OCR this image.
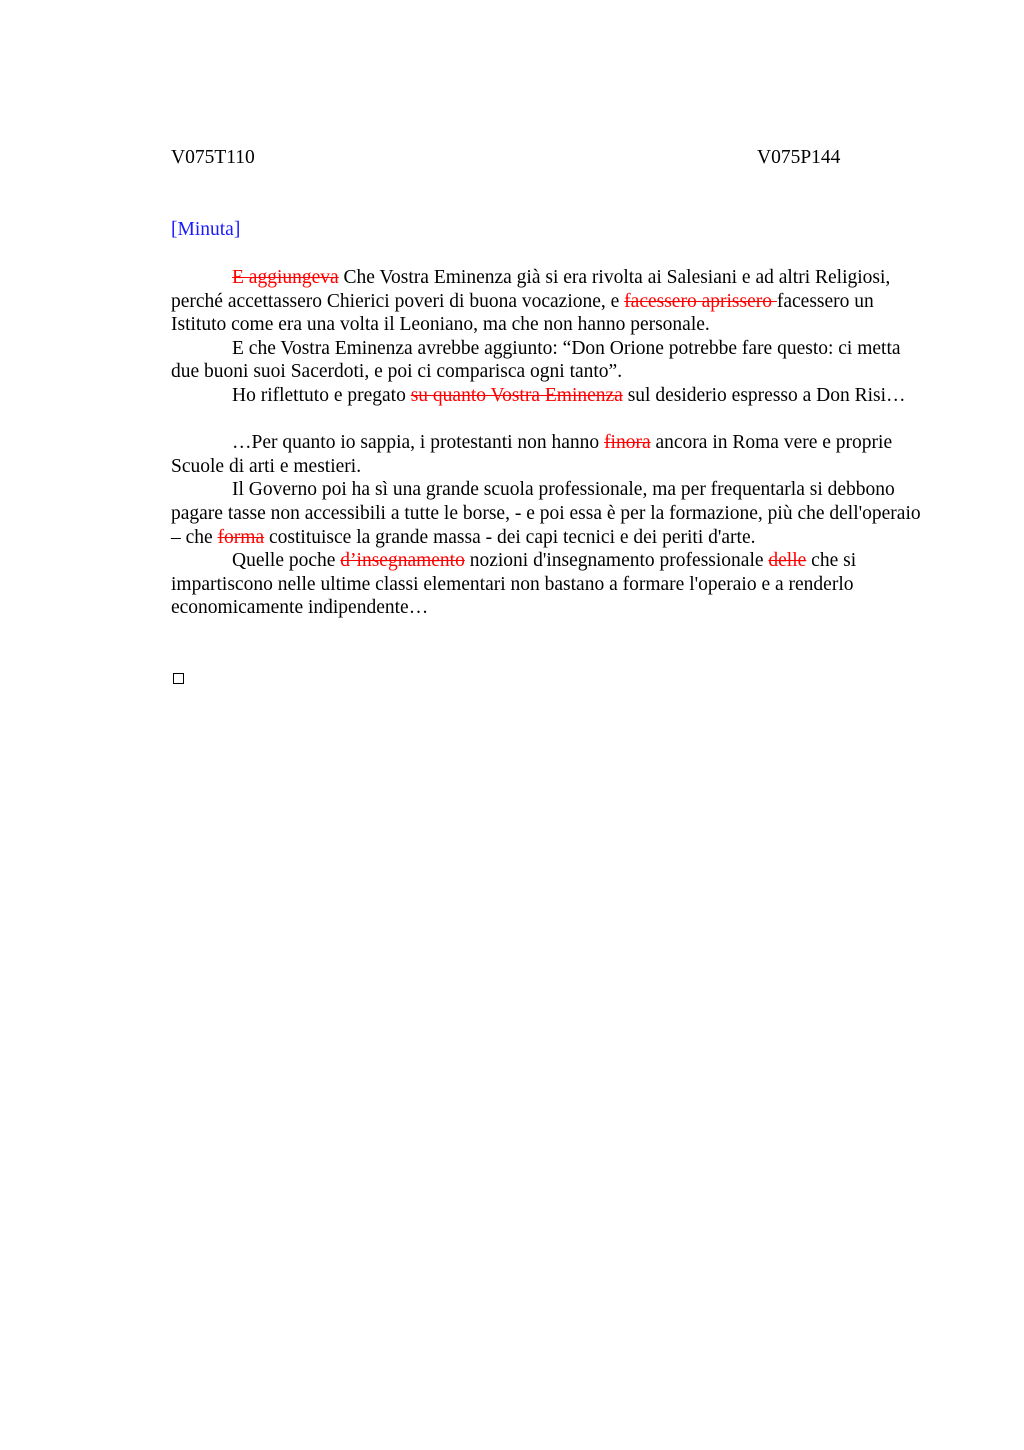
V075T110	V075P144
[Minuta]

E aggiungeva Che Vostra Eminenza già si era rivolta ai Salesiani e ad altri Religiosi, perché accettassero Chierici poveri di buona vocazione, e facessero aprissero facessero un Istituto come era una volta il Leoniano, ma che non hanno personale.

E che Vostra Eminenza avrebbe aggiunto: “Don Orione potrebbe fare questo: ci metta due buoni suoi Sacerdoti, e poi ci comparisca ogni tanto”.

Ho riflettuto e pregato su quanto Vostra Eminenza sul desiderio espresso a Don Risi…

…Per quanto io sappia, i protestanti non hanno finora ancora in Roma vere e proprie Scuole di arti e mestieri.

Il Governo poi ha sì una grande scuola professionale, ma per frequentarla si debbono pagare tasse non accessibili a tutte le borse, - e poi essa è per la formazione, più che dell'operaio – che forma costituisce la grande massa - dei capi tecnici e dei periti d'arte.

Quelle poche d’insegnamento nozioni d'insegnamento professionale delle che si impartiscono nelle ultime classi elementari non bastano a formare l'operaio e a renderlo economicamente indipendente…
